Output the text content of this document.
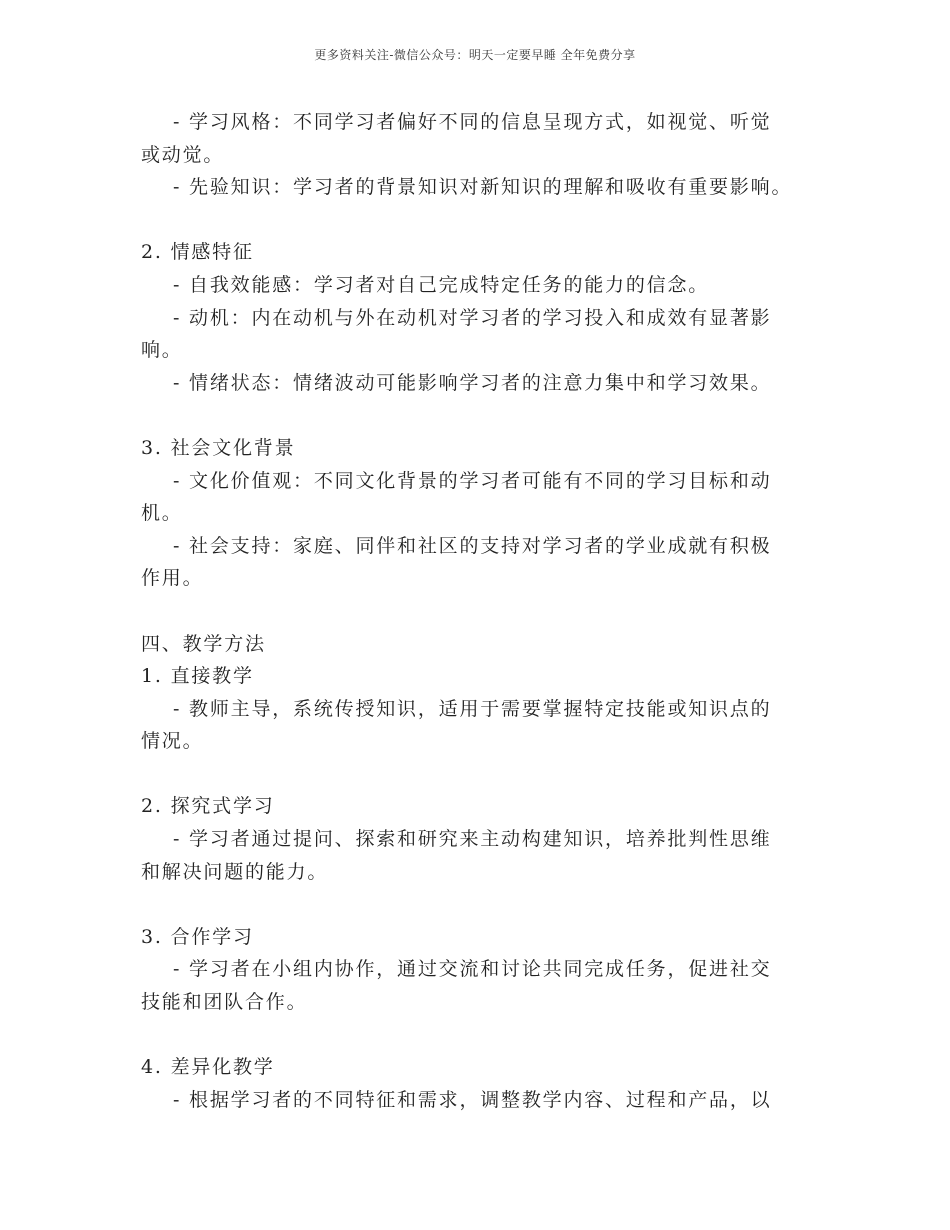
更多资料关注-微信公众号：明天一定要早睡 全年免费分享

- 学习风格：不同学习者偏好不同的信息呈现方式，如视觉、听觉

或动觉。

- 先验知识：学习者的背景知识对新知识的理解和吸收有重要影响。

2. 情感特征

- 自我效能感：学习者对自己完成特定任务的能力的信念。

- 动机：内在动机与外在动机对学习者的学习投入和成效有显著影

响。

- 情绪状态：情绪波动可能影响学习者的注意力集中和学习效果。

3. 社会文化背景

- 文化价值观：不同文化背景的学习者可能有不同的学习目标和动

机。

- 社会支持：家庭、同伴和社区的支持对学习者的学业成就有积极

作用。

四、教学方法

1. 直接教学

- 教师主导，系统传授知识，适用于需要掌握特定技能或知识点的

情况。

2. 探究式学习

- 学习者通过提问、探索和研究来主动构建知识，培养批判性思维

和解决问题的能力。

3. 合作学习

- 学习者在小组内协作，通过交流和讨论共同完成任务，促进社交

技能和团队合作。

4. 差异化教学

- 根据学习者的不同特征和需求，调整教学内容、过程和产品，以
